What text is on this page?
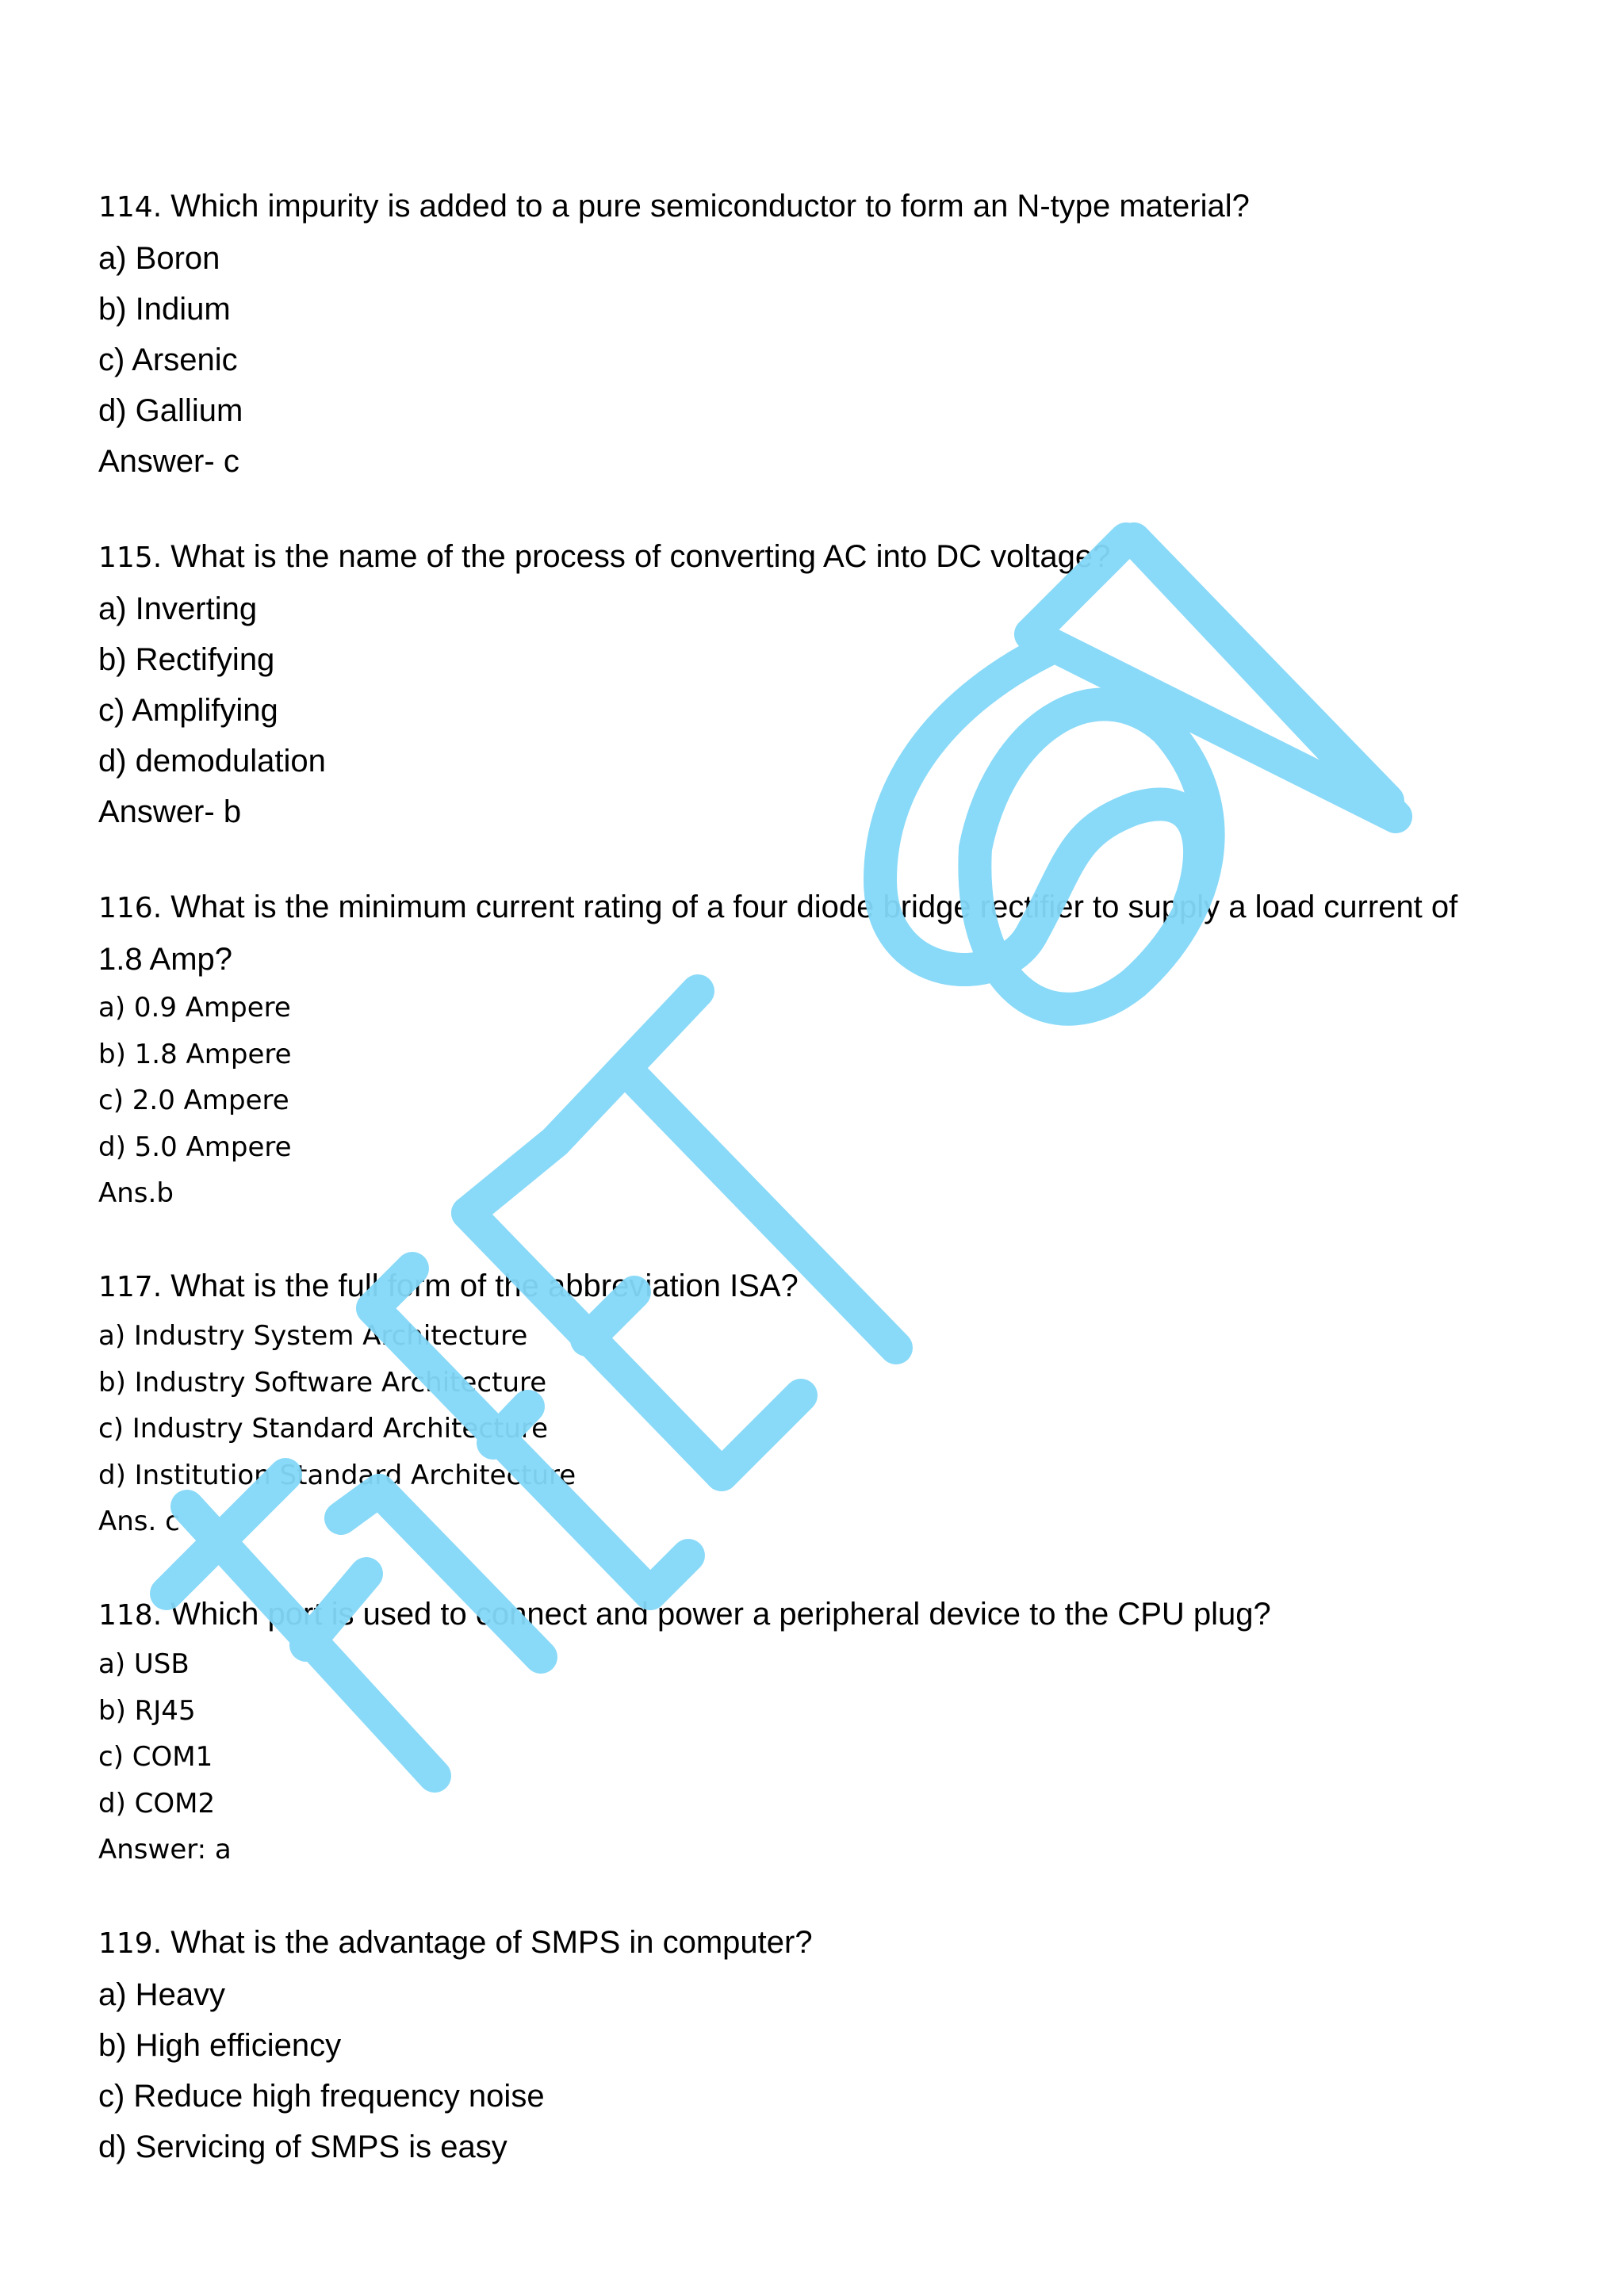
114. Which impurity is added to a pure semiconductor to form an N-type material?
a) Boron
b) Indium
c) Arsenic
d) Gallium
Answer- c
115. What is the name of the process of converting AC into DC voltage?
a) Inverting
b) Rectifying
c) Amplifying
d) demodulation
Answer- b
116. What is the minimum current rating of a four diode bridge rectifier to supply a load current of
1.8 Amp?
a) 0.9 Ampere
b) 1.8 Ampere
c) 2.0 Ampere
d) 5.0 Ampere
Ans.b
117. What is the full form of the abbreviation ISA?
a) Industry System Architecture
b) Industry Software Architecture
c) Industry Standard Architecture
d) Institution Standard Architecture
Ans. c
118. Which port is used to connect and power a peripheral device to the CPU plug?
a) USB
b) RJ45
c) COM1
d) COM2
Answer: a
119. What is the advantage of SMPS in computer?
a) Heavy
b) High efficiency
c) Reduce high frequency noise
d) Servicing of SMPS is easy
